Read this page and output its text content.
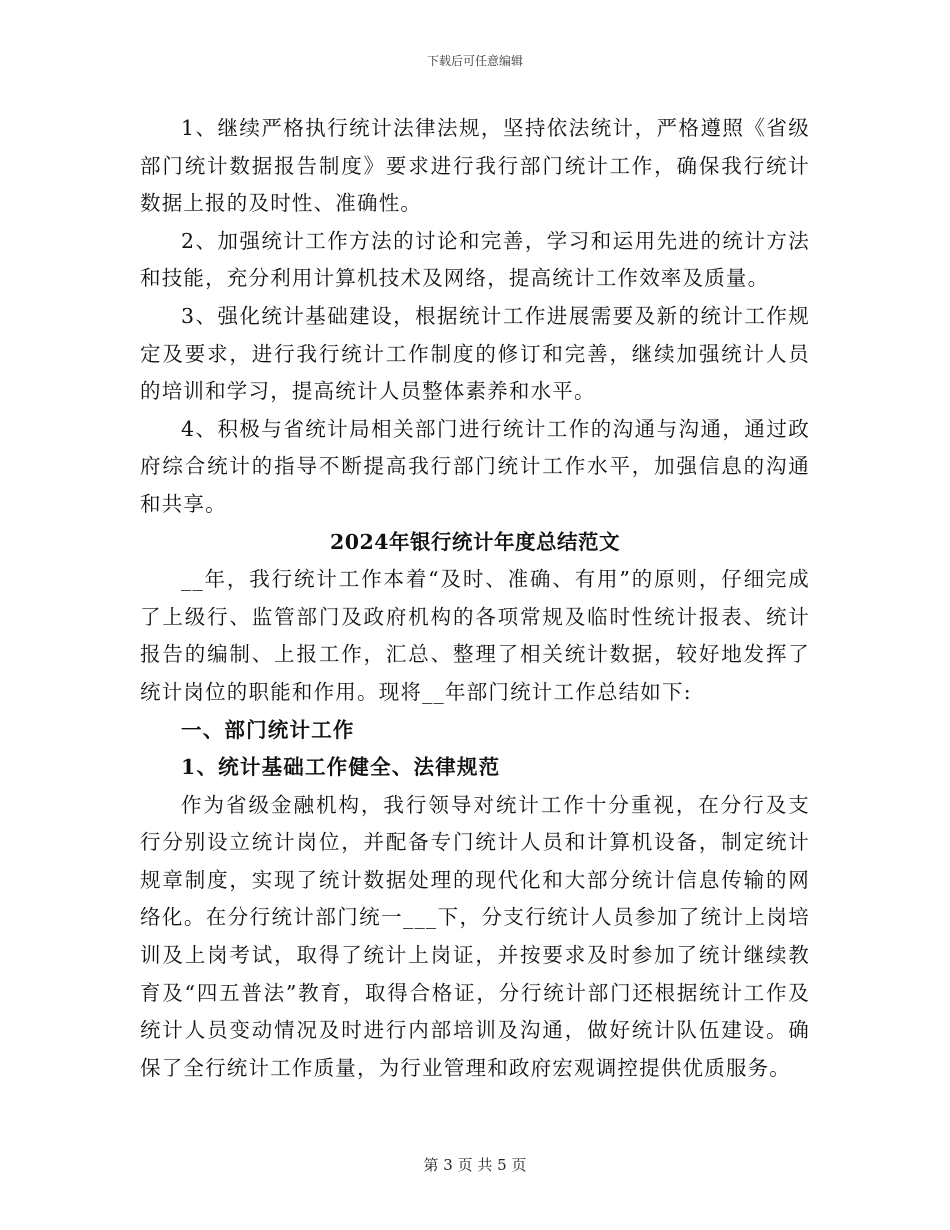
下载后可任意编辑

1、继续严格执行统计法律法规，坚持依法统计，严格遵照《省级部门统计数据报告制度》要求进行我行部门统计工作，确保我行统计数据上报的及时性、准确性。

2、加强统计工作方法的讨论和完善，学习和运用先进的统计方法和技能，充分利用计算机技术及网络，提高统计工作效率及质量。

3、强化统计基础建设，根据统计工作进展需要及新的统计工作规定及要求，进行我行统计工作制度的修订和完善，继续加强统计人员的培训和学习，提高统计人员整体素养和水平。

4、积极与省统计局相关部门进行统计工作的沟通与沟通，通过政府综合统计的指导不断提高我行部门统计工作水平，加强信息的沟通和共享。

2024年银行统计年度总结范文

__年，我行统计工作本着“及时、准确、有用”的原则，仔细完成了上级行、监管部门及政府机构的各项常规及临时性统计报表、统计报告的编制、上报工作，汇总、整理了相关统计数据，较好地发挥了统计岗位的职能和作用。现将__年部门统计工作总结如下:

一、部门统计工作

1、统计基础工作健全、法律规范

作为省级金融机构，我行领导对统计工作十分重视，在分行及支行分别设立统计岗位，并配备专门统计人员和计算机设备，制定统计规章制度，实现了统计数据处理的现代化和大部分统计信息传输的网络化。在分行统计部门统一___下，分支行统计人员参加了统计上岗培训及上岗考试，取得了统计上岗证，并按要求及时参加了统计继续教育及“四五普法”教育，取得合格证，分行统计部门还根据统计工作及统计人员变动情况及时进行内部培训及沟通，做好统计队伍建设。确保了全行统计工作质量，为行业管理和政府宏观调控提供优质服务。

第 3 页 共 5 页
